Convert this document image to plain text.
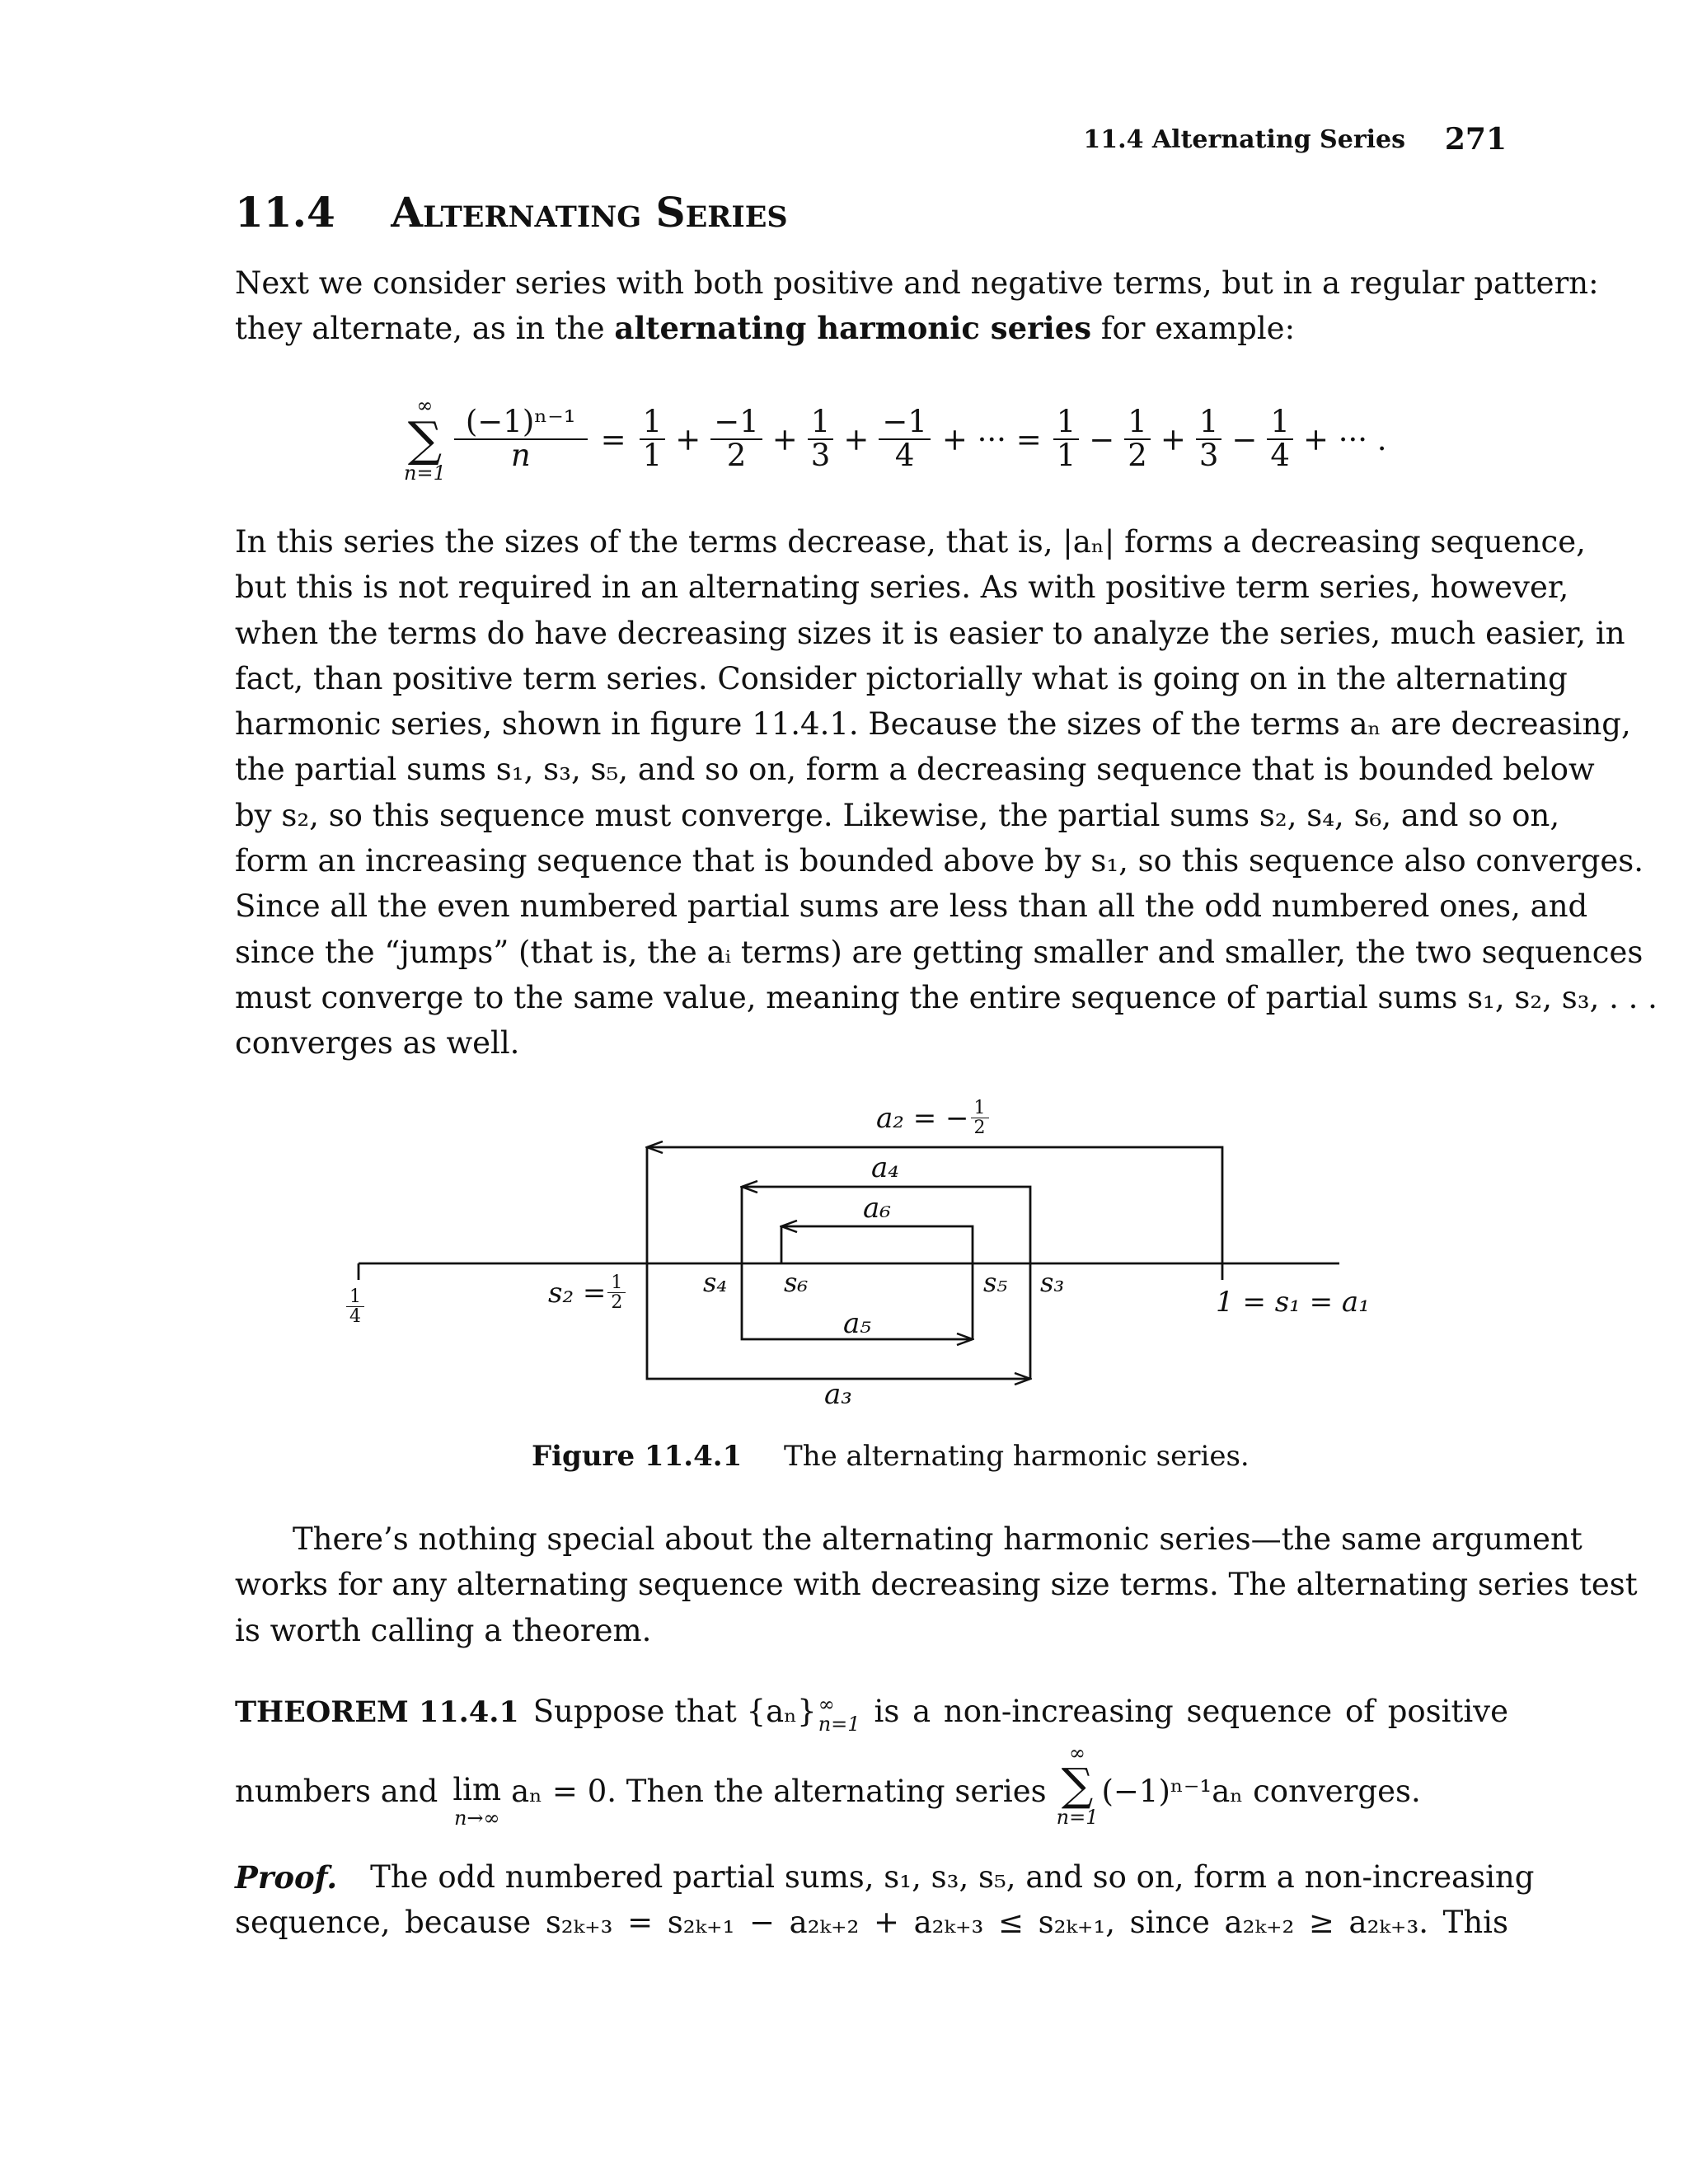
11.4 Alternating Series 271
11.4 Alternating Series
Next we consider series with both positive and negative terms, but in a regular pattern:
they alternate, as in the alternating harmonic series for example:
∞
∑
n=1
$\frac{\text{(−1)ⁿ⁻¹}}{n} = \frac{1}{1} + \frac{-1}{2} + \frac{1}{3} + \frac{-1}{4}$ + ··· = $\frac{1}{1} - \frac{1}{2} + \frac{1}{3} - \frac{1}{4}$ + ··· .
In this series the sizes of the terms decrease, that is, |aₙ| forms a decreasing sequence,
but this is not required in an alternating series. As with positive term series, however,
when the terms do have decreasing sizes it is easier to analyze the series, much easier, in
fact, than positive term series. Consider pictorially what is going on in the alternating
harmonic series, shown in figure 11.4.1. Because the sizes of the terms aₙ are decreasing,
the partial sums s₁, s₃, s₅, and so on, form a decreasing sequence that is bounded below
by s₂, so this sequence must converge. Likewise, the partial sums s₂, s₄, s₆, and so on,
form an increasing sequence that is bounded above by s₁, so this sequence also converges.
Since all the even numbered partial sums are less than all the odd numbered ones, and
since the “jumps” (that is, the aᵢ terms) are getting smaller and smaller, the two sequences
must converge to the same value, meaning the entire sequence of partial sums s₁, s₂, s₃, . . .
converges as well.
a₂ = − $\frac{1}{2}$
a₄
a₆
a₅
a₃
$\frac{1}{4}$	$s_2 = \frac{1}{2}$	s₄ s₆	s₅ s₃
1 = s₁ = a₁
Figure 11.4.1 The alternating harmonic series.
There’s nothing special about the alternating harmonic series—the same argument
works for any alternating sequence with decreasing size terms. The alternating series test
is worth calling a theorem.
THEOREM 11.4.1 Suppose that {aₙ} ∞
n=1 is a non-increasing sequence of positive
numbers and lim
n→∞
aₙ = 0. Then the alternating series
∞
∑
n=1
(−1)ⁿ⁻¹aₙ converges.
Proof. The odd numbered partial sums, s₁, s₃, s₅, and so on, form a non-increasing
sequence, because s₂ₖ₊₃ = s₂ₖ₊₁ − a₂ₖ₊₂ + a₂ₖ₊₃ ≤ s₂ₖ₊₁, since a₂ₖ₊₂ ≥ a₂ₖ₊₃. This
